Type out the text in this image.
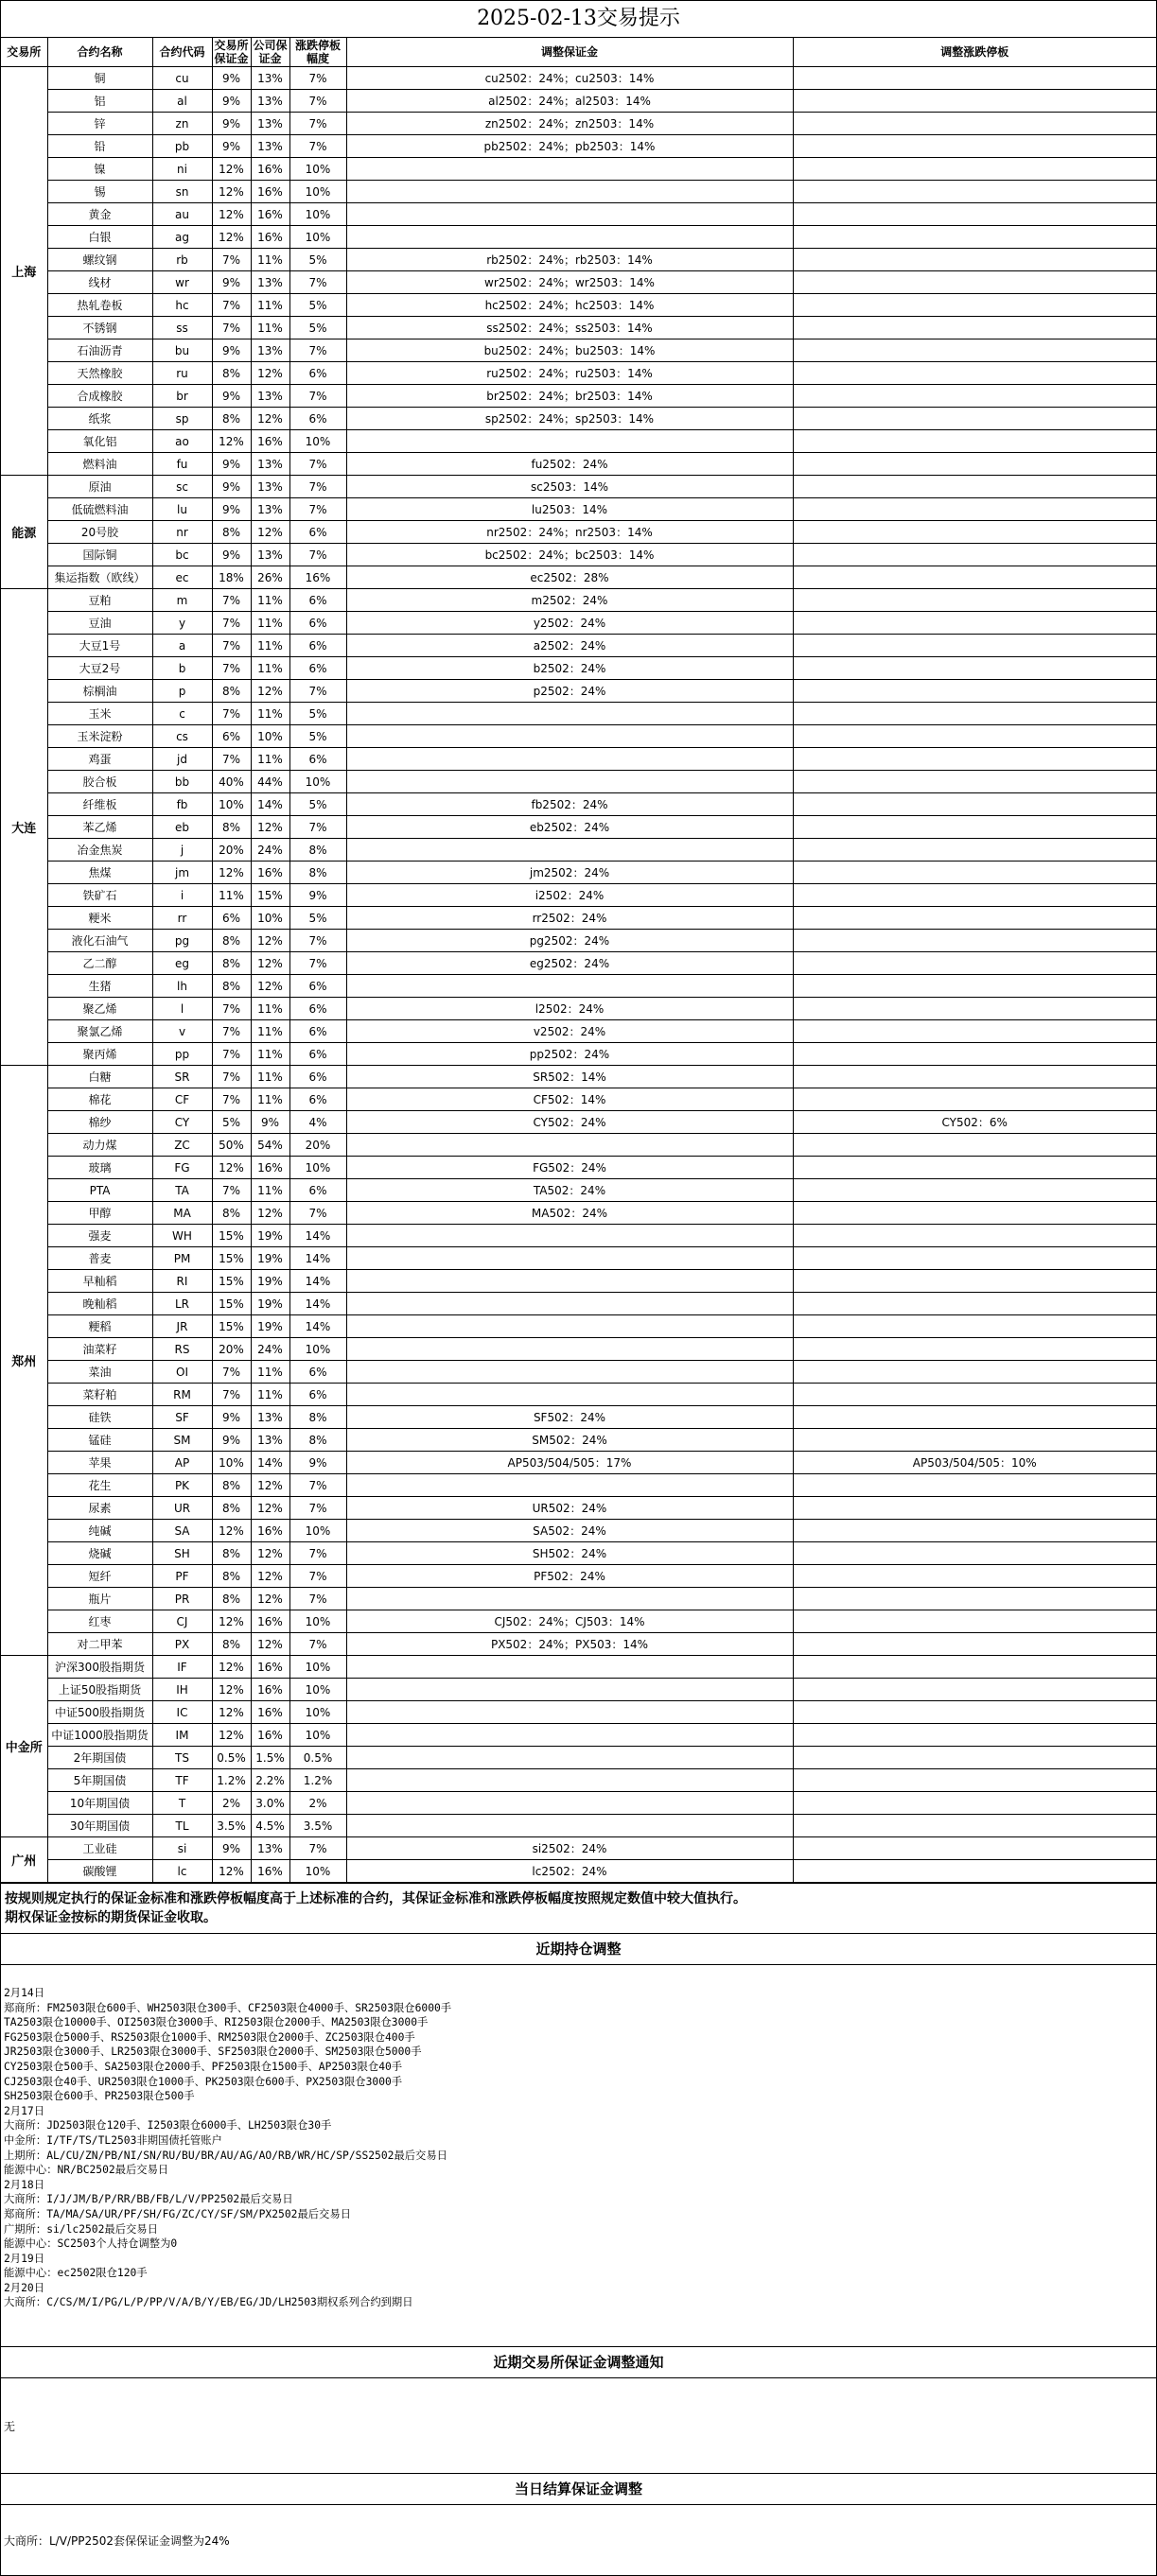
2025-02-13交易提示
交易所	合约名称	合约代码	交易所保证金	公司保证金	涨跌停板幅度	调整保证金	调整涨跌停板
上海	铜	cu	9%	13%	7%	cu2502：24%；cu2503：14%	
	铝	al	9%	13%	7%	al2502：24%；al2503：14%	
	锌	zn	9%	13%	7%	zn2502：24%；zn2503：14%	
	铅	pb	9%	13%	7%	pb2502：24%；pb2503：14%	
	镍	ni	12%	16%	10%		
	锡	sn	12%	16%	10%		
	黄金	au	12%	16%	10%		
	白银	ag	12%	16%	10%		
	螺纹钢	rb	7%	11%	5%	rb2502：24%；rb2503：14%	
	线材	wr	9%	13%	7%	wr2502：24%；wr2503：14%	
	热轧卷板	hc	7%	11%	5%	hc2502：24%；hc2503：14%	
	不锈钢	ss	7%	11%	5%	ss2502：24%；ss2503：14%	
	石油沥青	bu	9%	13%	7%	bu2502：24%；bu2503：14%	
	天然橡胶	ru	8%	12%	6%	ru2502：24%；ru2503：14%	
	合成橡胶	br	9%	13%	7%	br2502：24%；br2503：14%	
	纸浆	sp	8%	12%	6%	sp2502：24%；sp2503：14%	
	氧化铝	ao	12%	16%	10%		
	燃料油	fu	9%	13%	7%	fu2502：24%	
能源	原油	sc	9%	13%	7%	sc2503：14%	
	低硫燃料油	lu	9%	13%	7%	lu2503：14%	
	20号胶	nr	8%	12%	6%	nr2502：24%；nr2503：14%	
	国际铜	bc	9%	13%	7%	bc2502：24%；bc2503：14%	
	集运指数（欧线）	ec	18%	26%	16%	ec2502：28%	
大连	豆粕	m	7%	11%	6%	m2502：24%	
	豆油	y	7%	11%	6%	y2502：24%	
	大豆1号	a	7%	11%	6%	a2502：24%	
	大豆2号	b	7%	11%	6%	b2502：24%	
	棕榈油	p	8%	12%	7%	p2502：24%	
	玉米	c	7%	11%	5%		
	玉米淀粉	cs	6%	10%	5%		
	鸡蛋	jd	7%	11%	6%		
	胶合板	bb	40%	44%	10%		
	纤维板	fb	10%	14%	5%	fb2502：24%	
	苯乙烯	eb	8%	12%	7%	eb2502：24%	
	冶金焦炭	j	20%	24%	8%		
	焦煤	jm	12%	16%	8%	jm2502：24%	
	铁矿石	i	11%	15%	9%	i2502：24%	
	粳米	rr	6%	10%	5%	rr2502：24%	
	液化石油气	pg	8%	12%	7%	pg2502：24%	
	乙二醇	eg	8%	12%	7%	eg2502：24%	
	生猪	lh	8%	12%	6%		
	聚乙烯	l	7%	11%	6%	l2502：24%	
	聚氯乙烯	v	7%	11%	6%	v2502：24%	
	聚丙烯	pp	7%	11%	6%	pp2502：24%	
郑州	白糖	SR	7%	11%	6%	SR502：14%	
	棉花	CF	7%	11%	6%	CF502：14%	
	棉纱	CY	5%	9%	4%	CY502：24%	CY502：6%
	动力煤	ZC	50%	54%	20%		
	玻璃	FG	12%	16%	10%	FG502：24%	
	PTA	TA	7%	11%	6%	TA502：24%	
	甲醇	MA	8%	12%	7%	MA502：24%	
	强麦	WH	15%	19%	14%		
	普麦	PM	15%	19%	14%		
	早籼稻	RI	15%	19%	14%		
	晚籼稻	LR	15%	19%	14%		
	粳稻	JR	15%	19%	14%		
	油菜籽	RS	20%	24%	10%		
	菜油	OI	7%	11%	6%		
	菜籽粕	RM	7%	11%	6%		
	硅铁	SF	9%	13%	8%	SF502：24%	
	锰硅	SM	9%	13%	8%	SM502：24%	
	苹果	AP	10%	14%	9%	AP503/504/505：17%	AP503/504/505：10%
	花生	PK	8%	12%	7%		
	尿素	UR	8%	12%	7%	UR502：24%	
	纯碱	SA	12%	16%	10%	SA502：24%	
	烧碱	SH	8%	12%	7%	SH502：24%	
	短纤	PF	8%	12%	7%	PF502：24%	
	瓶片	PR	8%	12%	7%		
	红枣	CJ	12%	16%	10%	CJ502：24%；CJ503：14%	
	对二甲苯	PX	8%	12%	7%	PX502：24%；PX503：14%	
中金所	沪深300股指期货	IF	12%	16%	10%		
	上证50股指期货	IH	12%	16%	10%		
	中证500股指期货	IC	12%	16%	10%		
	中证1000股指期货	IM	12%	16%	10%		
	2年期国债	TS	0.5%	1.5%	0.5%		
	5年期国债	TF	1.2%	2.2%	1.2%		
	10年期国债	T	2%	3.0%	2%		
	30年期国债	TL	3.5%	4.5%	3.5%		
广州	工业硅	si	9%	13%	7%	si2502：24%	
	碳酸锂	lc	12%	16%	10%	lc2502：24%	
按规则规定执行的保证金标准和涨跌停板幅度高于上述标准的合约，其保证金标准和涨跌停板幅度按照规定数值中较大值执行。
期权保证金按标的期货保证金收取。
近期持仓调整
2月14日
郑商所：FM2503限仓600手、WH2503限仓300手、CF2503限仓4000手、SR2503限仓6000手
TA2503限仓10000手、OI2503限仓3000手、RI2503限仓2000手、MA2503限仓3000手
FG2503限仓5000手、RS2503限仓1000手、RM2503限仓2000手、ZC2503限仓400手
JR2503限仓3000手、LR2503限仓3000手、SF2503限仓2000手、SM2503限仓5000手
CY2503限仓500手、SA2503限仓2000手、PF2503限仓1500手、AP2503限仓40手
CJ2503限仓40手、UR2503限仓1000手、PK2503限仓600手、PX2503限仓3000手
SH2503限仓600手、PR2503限仓500手
2月17日
大商所：JD2503限仓120手、I2503限仓6000手、LH2503限仓30手
中金所：I/TF/TS/TL2503非期国债托管账户
上期所：AL/CU/ZN/PB/NI/SN/RU/BU/BR/AU/AG/AO/RB/WR/HC/SP/SS2502最后交易日
能源中心：NR/BC2502最后交易日
2月18日
大商所：I/J/JM/B/P/RR/BB/FB/L/V/PP2502最后交易日
郑商所：TA/MA/SA/UR/PF/SH/FG/ZC/CY/SF/SM/PX2502最后交易日
广期所：si/lc2502最后交易日
能源中心：SC2503个人持仓调整为0
2月19日
能源中心：ec2502限仓120手
2月20日
大商所：C/CS/M/I/PG/L/P/PP/V/A/B/Y/EB/EG/JD/LH2503期权系列合约到期日
近期交易所保证金调整通知
无
当日结算保证金调整
大商所：L/V/PP2502套保保证金调整为24%
